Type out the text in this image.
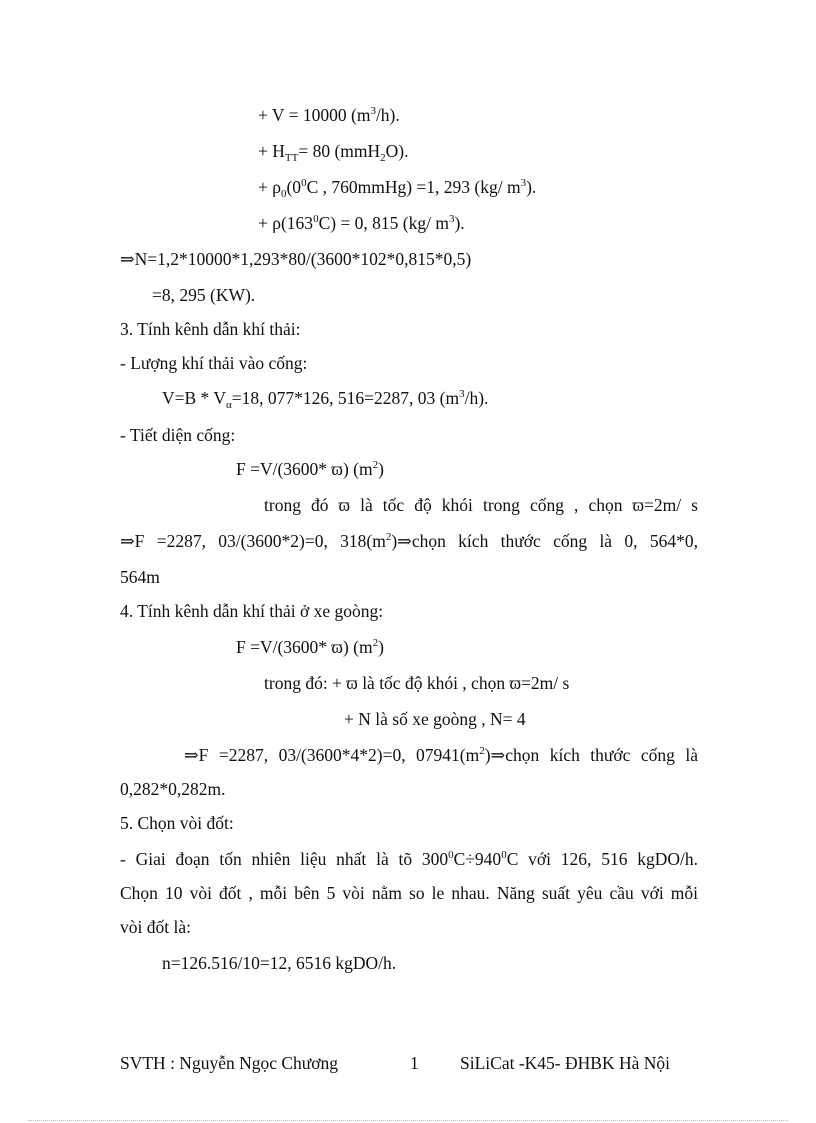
+ V = 10000 $(m^3/h)$.
+ $H_{TT}= 80$ (mmH$_2$O).
+ $\rho_0(0^0C$ , 760mmHg) =1, 293 (kg/ $m^3$).
+ $\rho(163^0C) = 0$, 815 (kg/ $m^3$).
⇒N=1,2*10000*1,293*80/(3600*102*0,815*0,5)
=8, 295 (KW).
3. Tính kênh dẫn khí thải:
- Lượng khí thải vào cống:
$V=B * V_\alpha=18$, 077*126, 516=2287, 03 $(m^3/h)$.
- Tiết diện cống:
F =V/(3600* ϖ) $(m^2)$
trong đó ϖ là tốc độ khói trong cống , chọn ϖ=2m/ s
⇒F =2287, 03/(3600*2)=0, $318(m^2)\Rightarrow chọn$ kích thước cống là 0, 564*0,
564m
4. Tính kênh dẫn khí thải ở xe goòng:
F =V/(3600* ϖ) $(m^2)$
trong đó: + ϖ là tốc độ khói , chọn ϖ=2m/ s
+ N là số xe goòng , N= 4
⇒F =2287, 03/(3600*4*2)=0, $07941(m^2)\Rightarrow chọn$ kích thước cống là
0,282*0,282m.
5. Chọn vòi đốt:
- Giai đoạn tốn nhiên liệu nhất là tõ $300^0C\div 940^0C$ với 126, 516 kgDO/h.
Chọn 10 vòi đốt , mỗi bên 5 vòi nằm so le nhau. Năng suất yêu cầu với mỗi
vòi đốt là:
n=126.516/10=12, 6516 kgDO/h.
SVTH : Nguyễn Ngọc Chương	1 SiLiCat -K45- ĐHBK Hà Nội
